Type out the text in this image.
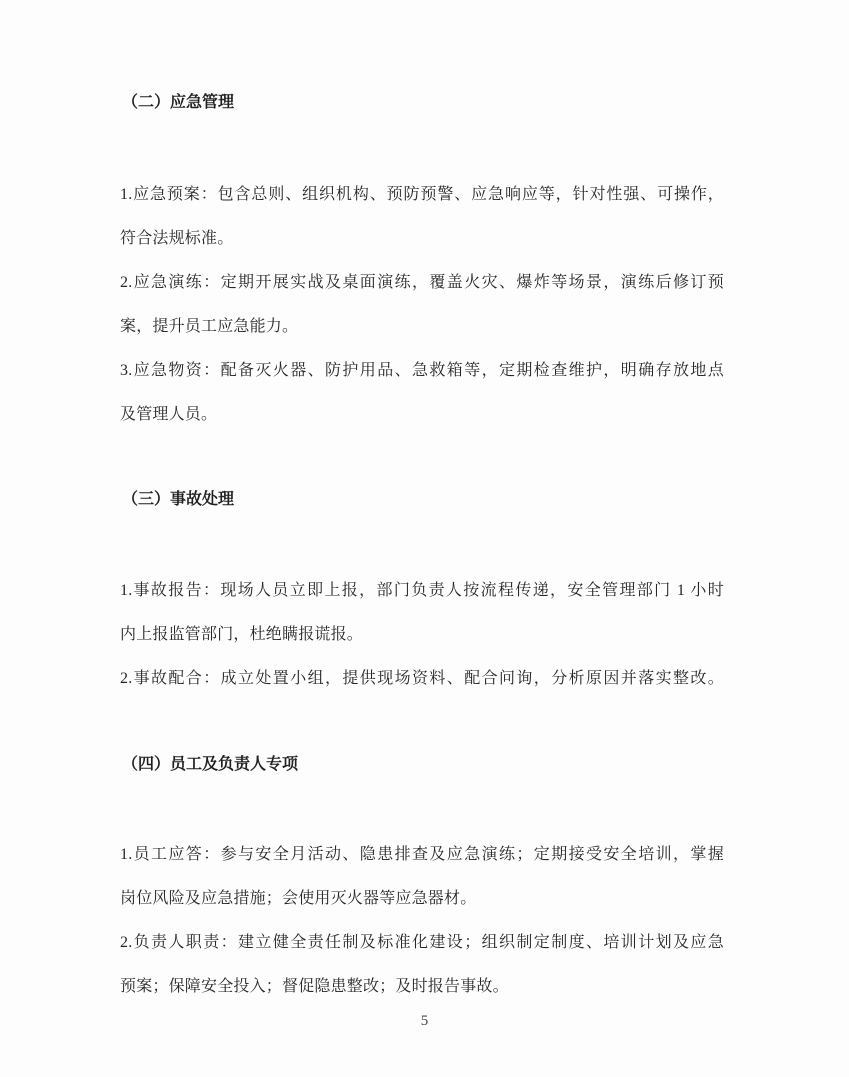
（二）应急管理
1.应急预案：包含总则、组织机构、预防预警、应急响应等，针对性强、可操作，
符合法规标准。
2.应急演练：定期开展实战及桌面演练，覆盖火灾、爆炸等场景，演练后修订预
案，提升员工应急能力。
3.应急物资：配备灭火器、防护用品、急救箱等，定期检查维护，明确存放地点
及管理人员。
（三）事故处理
1.事故报告：现场人员立即上报，部门负责人按流程传递，安全管理部门 1 小时
内上报监管部门，杜绝瞒报谎报。
2.事故配合：成立处置小组，提供现场资料、配合问询，分析原因并落实整改。
（四）员工及负责人专项
1.员工应答：参与安全月活动、隐患排查及应急演练；定期接受安全培训，掌握
岗位风险及应急措施；会使用灭火器等应急器材。
2.负责人职责：建立健全责任制及标准化建设；组织制定制度、培训计划及应急
预案；保障安全投入；督促隐患整改；及时报告事故。
5
